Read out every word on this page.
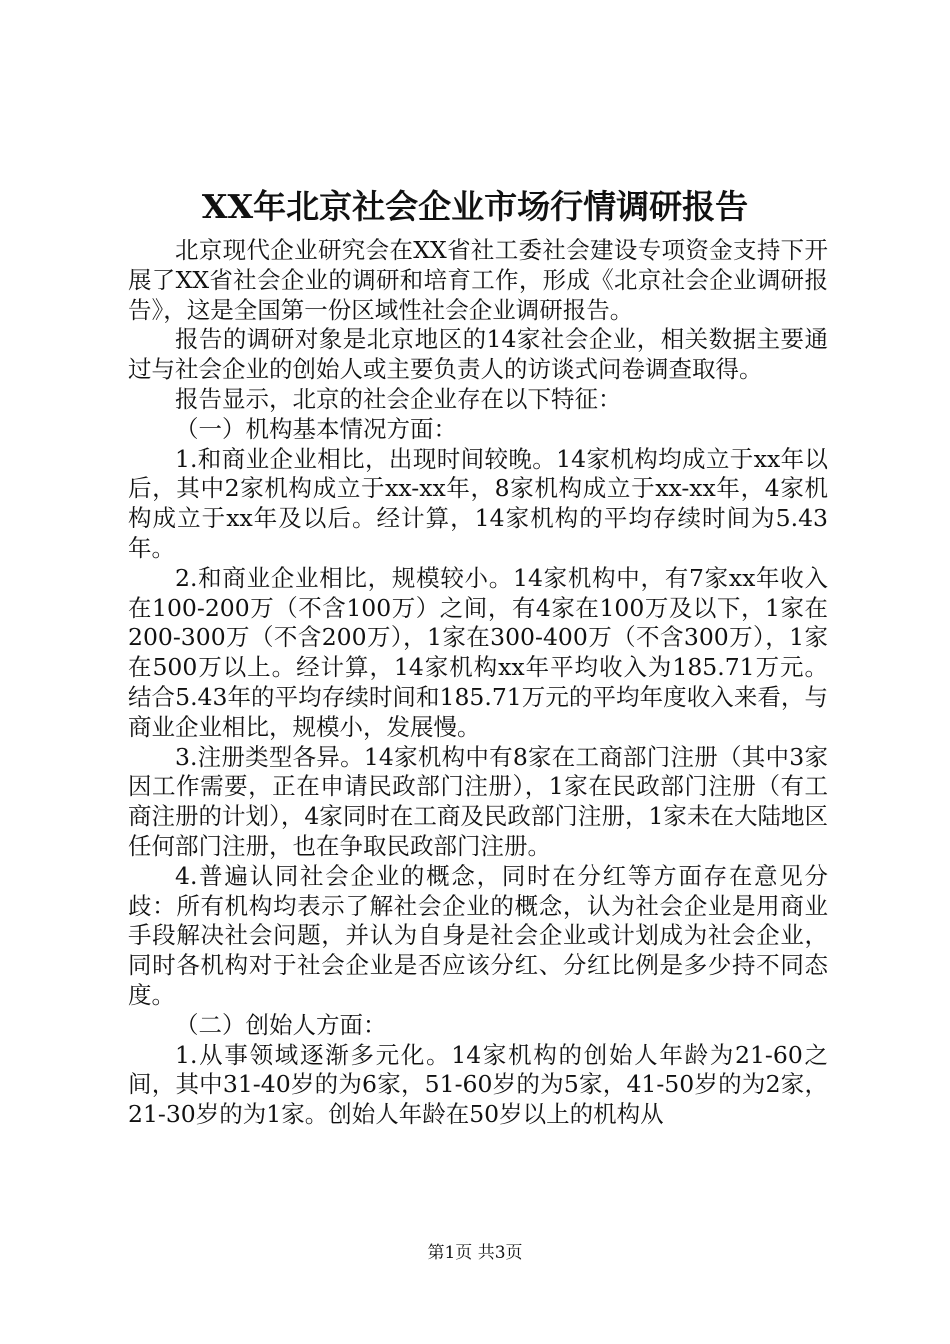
XX年北京社会企业市场行情调研报告

北京现代企业研究会在XX省社工委社会建设专项资金支持下开展了XX省社会企业的调研和培育工作，形成《北京社会企业调研报告》，这是全国第一份区域性社会企业调研报告。

报告的调研对象是北京地区的14家社会企业，相关数据主要通过与社会企业的创始人或主要负责人的访谈式问卷调查取得。

报告显示，北京的社会企业存在以下特征：

（一）机构基本情况方面：

1.和商业企业相比，出现时间较晚。14家机构均成立于xx年以后，其中2家机构成立于xx-xx年，8家机构成立于xx-xx年，4家机构成立于xx年及以后。经计算，14家机构的平均存续时间为5.43年。

2.和商业企业相比，规模较小。14家机构中，有7家xx年收入在100-200万（不含100万）之间，有4家在100万及以下，1家在200-300万（不含200万），1家在300-400万（不含300万），1家在500万以上。经计算，14家机构xx年平均收入为185.71万元。结合5.43年的平均存续时间和185.71万元的平均年度收入来看，与商业企业相比，规模小，发展慢。

3.注册类型各异。14家机构中有8家在工商部门注册（其中3家因工作需要，正在申请民政部门注册），1家在民政部门注册（有工商注册的计划），4家同时在工商及民政部门注册，1家未在大陆地区任何部门注册，也在争取民政部门注册。

4.普遍认同社会企业的概念，同时在分红等方面存在意见分歧：所有机构均表示了解社会企业的概念，认为社会企业是用商业手段解决社会问题，并认为自身是社会企业或计划成为社会企业，同时各机构对于社会企业是否应该分红、分红比例是多少持不同态度。

（二）创始人方面：

1.从事领域逐渐多元化。14家机构的创始人年龄为21-60之间，其中31-40岁的为6家，51-60岁的为5家，41-50岁的为2家，21-30岁的为1家。创始人年龄在50岁以上的机构从

第1页 共3页
